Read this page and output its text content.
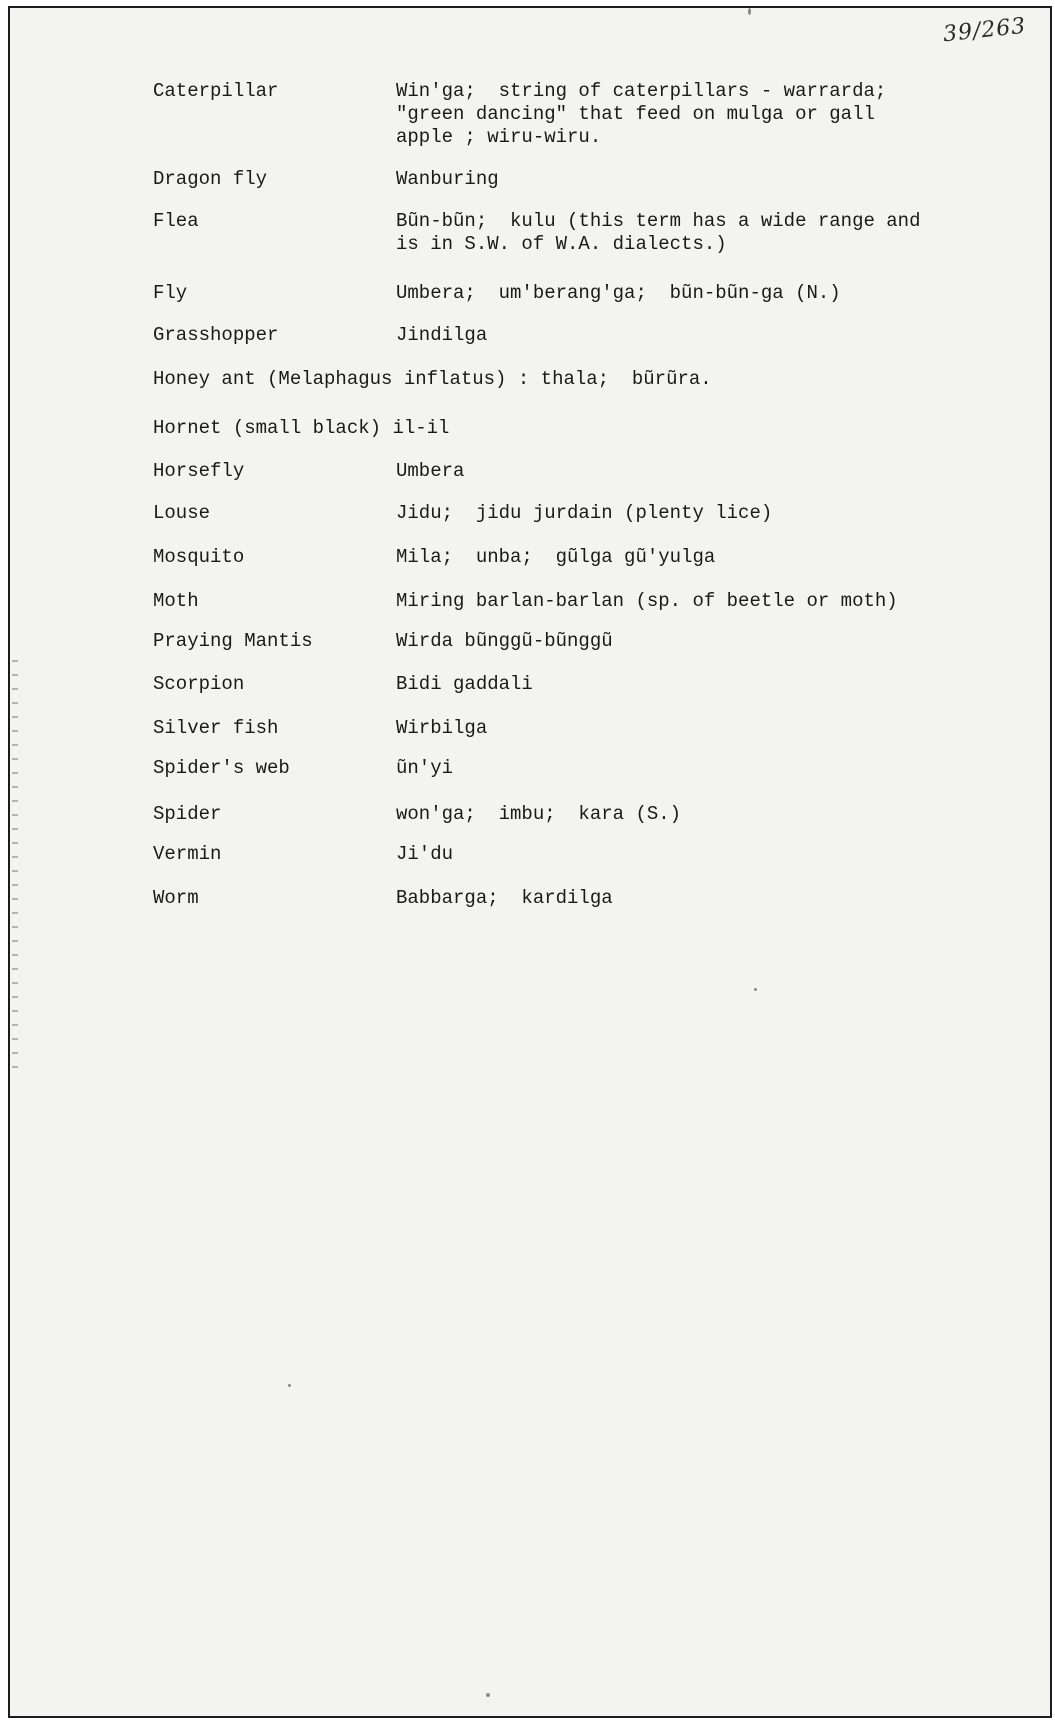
39/263
Caterpillar	Win'ga;  string of caterpillars - warrarda;
"green dancing" that feed on mulga or gall
apple ; wiru-wiru.
Dragon fly	Wanburing
Flea	Bũn-bũn;  kulu (this term has a wide range and
is in S.W. of W.A. dialects.)
Fly	Umbera;  um'berang'ga;  bũn-bũn-ga (N.)
Grasshopper	Jindilga
Honey ant (Melaphagus inflatus) : thala;  bũrũra.
Hornet (small black) il-il
Horsefly	Umbera
Louse	Jidu;  jidu jurdain (plenty lice)
Mosquito	Mila;  unba;  gũlga gũ'yulga
Moth	Miring barlan-barlan (sp. of beetle or moth)
Praying Mantis	Wirda bũnggũ-bũnggũ
Scorpion	Bidi gaddali
Silver fish	Wirbilga
Spider's web	ũn'yi
Spider	won'ga;  imbu;  kara (S.)
Vermin	Ji'du
Worm	Babbarga;  kardilga
